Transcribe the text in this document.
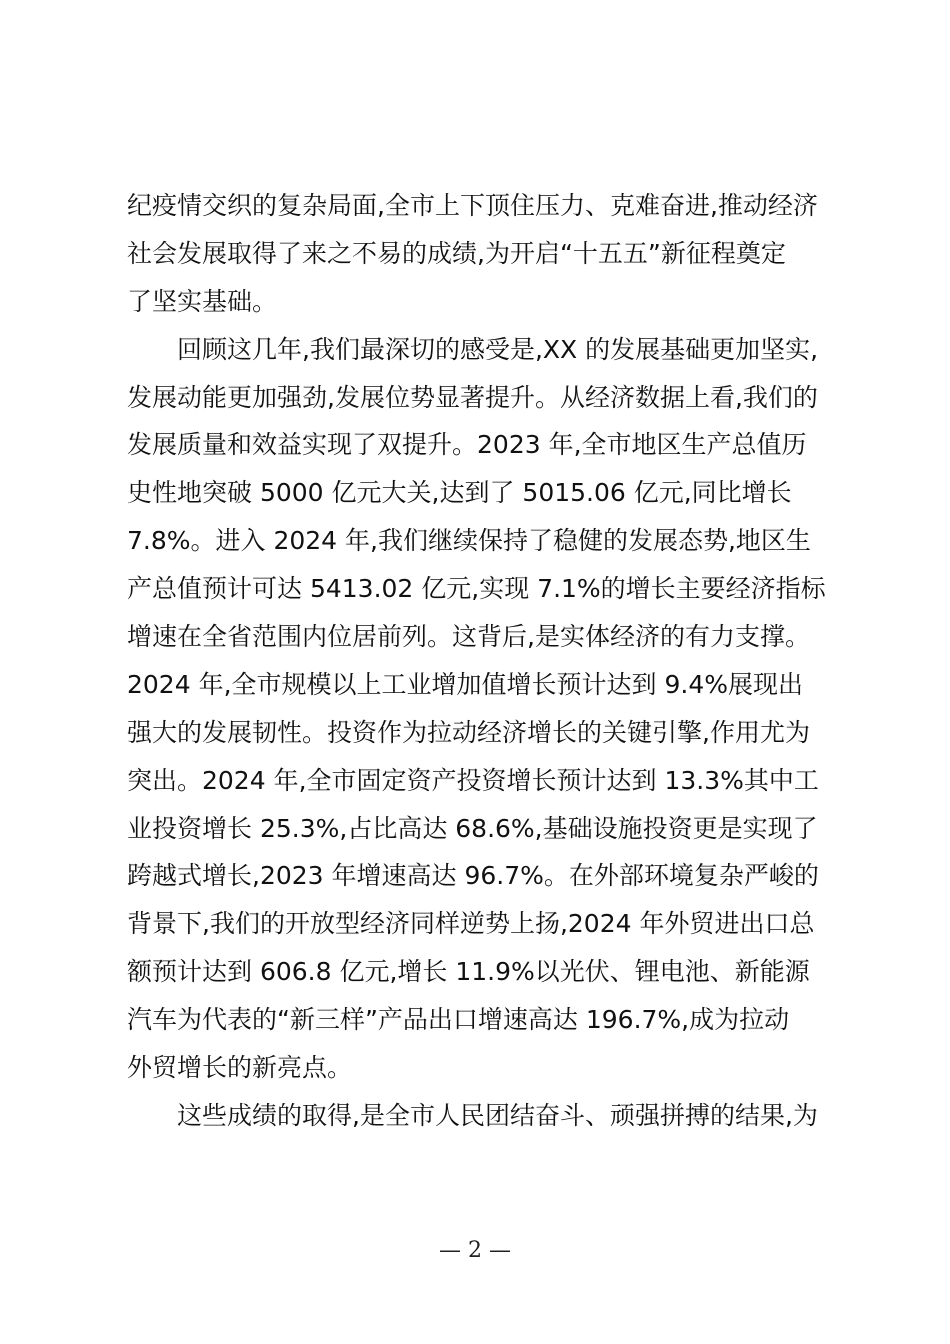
纪疫情交织的复杂局面,全市上下顶住压力、克难奋进,推动经济
社会发展取得了来之不易的成绩,为开启“十五五”新征程奠定
了坚实基础。
回顾这几年,我们最深切的感受是,XX 的发展基础更加坚实,
发展动能更加强劲,发展位势显著提升。从经济数据上看,我们的
发展质量和效益实现了双提升。2023 年,全市地区生产总值历
史性地突破 5000 亿元大关,达到了 5015.06 亿元,同比增长
7.8%。进入 2024 年,我们继续保持了稳健的发展态势,地区生
产总值预计可达 5413.02 亿元,实现 7.1%的增长主要经济指标
增速在全省范围内位居前列。这背后,是实体经济的有力支撑。
2024 年,全市规模以上工业增加值增长预计达到 9.4%展现出
强大的发展韧性。投资作为拉动经济增长的关键引擎,作用尤为
突出。2024 年,全市固定资产投资增长预计达到 13.3%其中工
业投资增长 25.3%,占比高达 68.6%,基础设施投资更是实现了
跨越式增长,2023 年增速高达 96.7%。在外部环境复杂严峻的
背景下,我们的开放型经济同样逆势上扬,2024 年外贸进出口总
额预计达到 606.8 亿元,增长 11.9%以光伏、锂电池、新能源
汽车为代表的“新三样”产品出口增速高达 196.7%,成为拉动
外贸增长的新亮点。
这些成绩的取得,是全市人民团结奋斗、顽强拼搏的结果,为
— 2 —
